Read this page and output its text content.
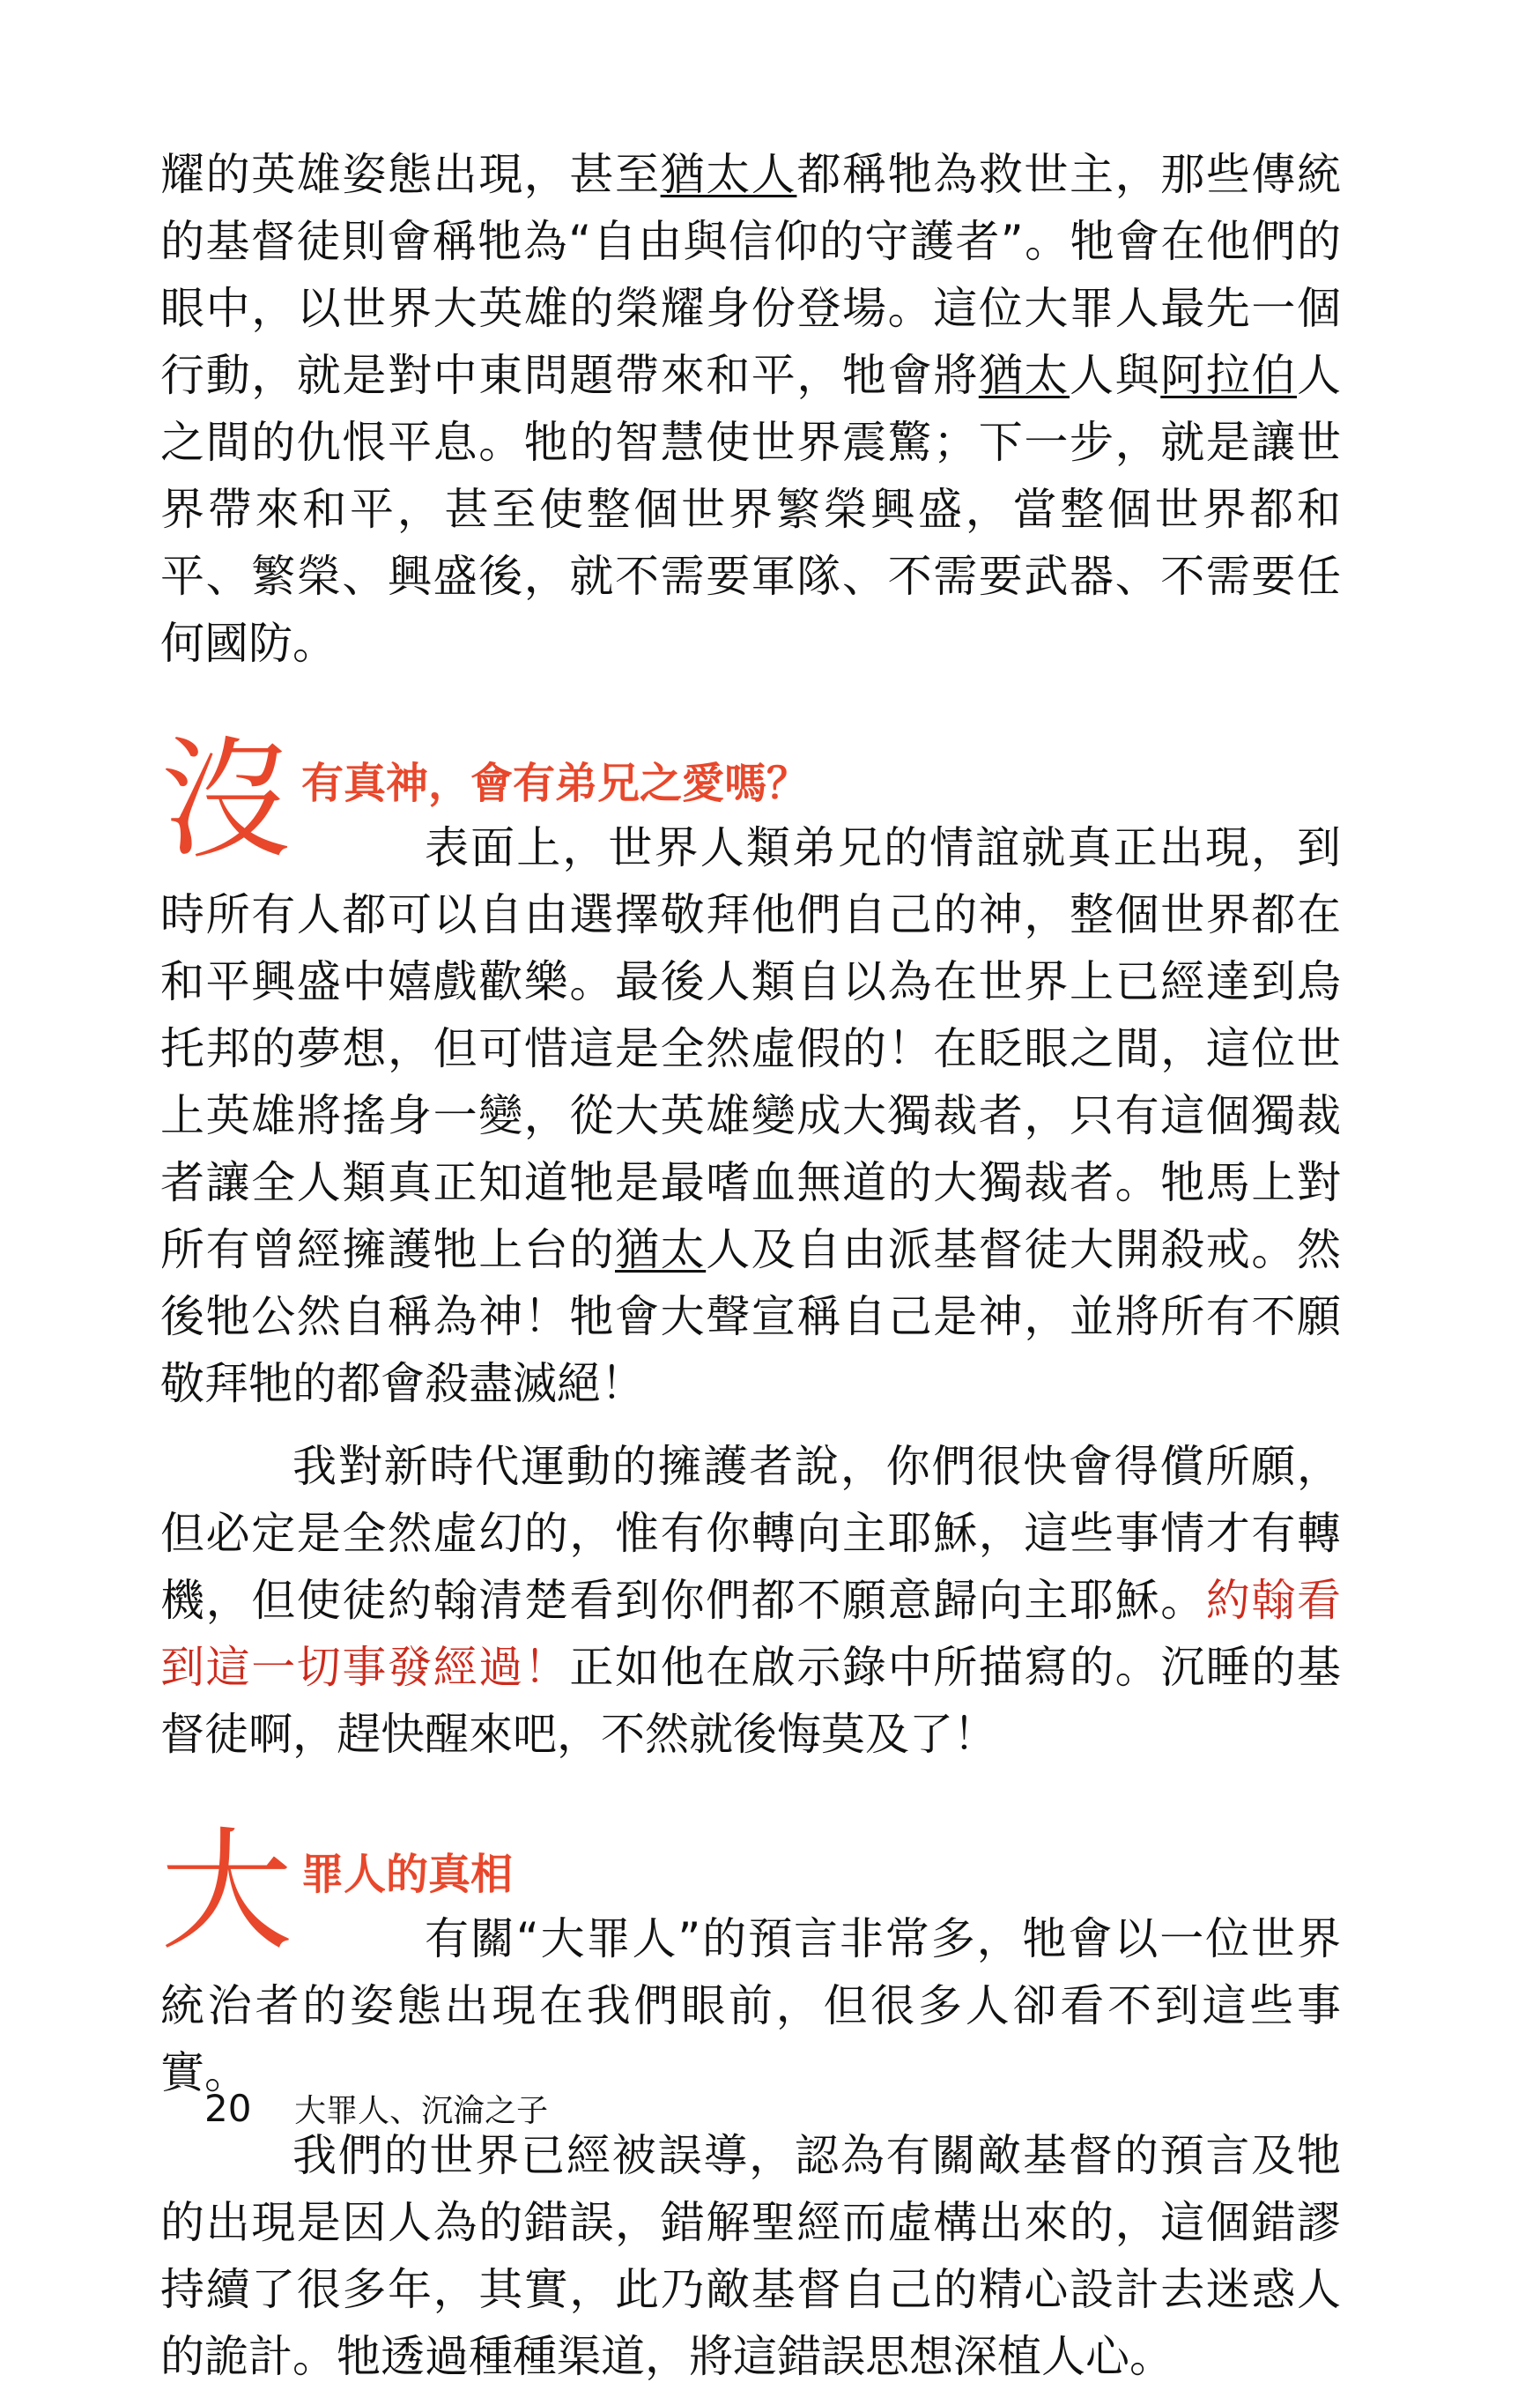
耀的英雄姿態出現，甚至猶太人都稱牠為救世主，那些傳統的基督徒則會稱牠為“自由與信仰的守護者”。牠會在他們的眼中，以世界大英雄的榮耀身份登場。這位大罪人最先一個行動，就是對中東問題帶來和平，牠會將猶太人與阿拉伯人之間的仇恨平息。牠的智慧使世界震驚；下一步，就是讓世界帶來和平，甚至使整個世界繁榮興盛，當整個世界都和平、繁榮、興盛後，就不需要軍隊、不需要武器、不需要任何國防。

沒 有真神，會有弟兄之愛嗎？

表面上，世界人類弟兄的情誼就真正出現，到時所有人都可以自由選擇敬拜他們自己的神，整個世界都在和平興盛中嬉戲歡樂。最後人類自以為在世界上已經達到烏托邦的夢想，但可惜這是全然虛假的！在眨眼之間，這位世上英雄將搖身一變，從大英雄變成大獨裁者，只有這個獨裁者讓全人類真正知道牠是最嗜血無道的大獨裁者。牠馬上對所有曾經擁護牠上台的猶太人及自由派基督徒大開殺戒。然後牠公然自稱為神！牠會大聲宣稱自己是神，並將所有不願敬拜牠的都會殺盡滅絕！

我對新時代運動的擁護者說，你們很快會得償所願，但必定是全然虛幻的，惟有你轉向主耶穌，這些事情才有轉機，但使徒約翰清楚看到你們都不願意歸向主耶穌。約翰看到這一切事發經過！正如他在啟示錄中所描寫的。沉睡的基督徒啊，趕快醒來吧，不然就後悔莫及了！

大 罪人的真相

有關“大罪人”的預言非常多，牠會以一位世界統治者的姿態出現在我們眼前，但很多人卻看不到這些事實。

我們的世界已經被誤導，認為有關敵基督的預言及牠的出現是因人為的錯誤，錯解聖經而虛構出來的，這個錯謬持續了很多年，其實，此乃敵基督自己的精心設計去迷惑人的詭計。牠透過種種渠道，將這錯誤思想深植人心。

20 大罪人、沉淪之子
